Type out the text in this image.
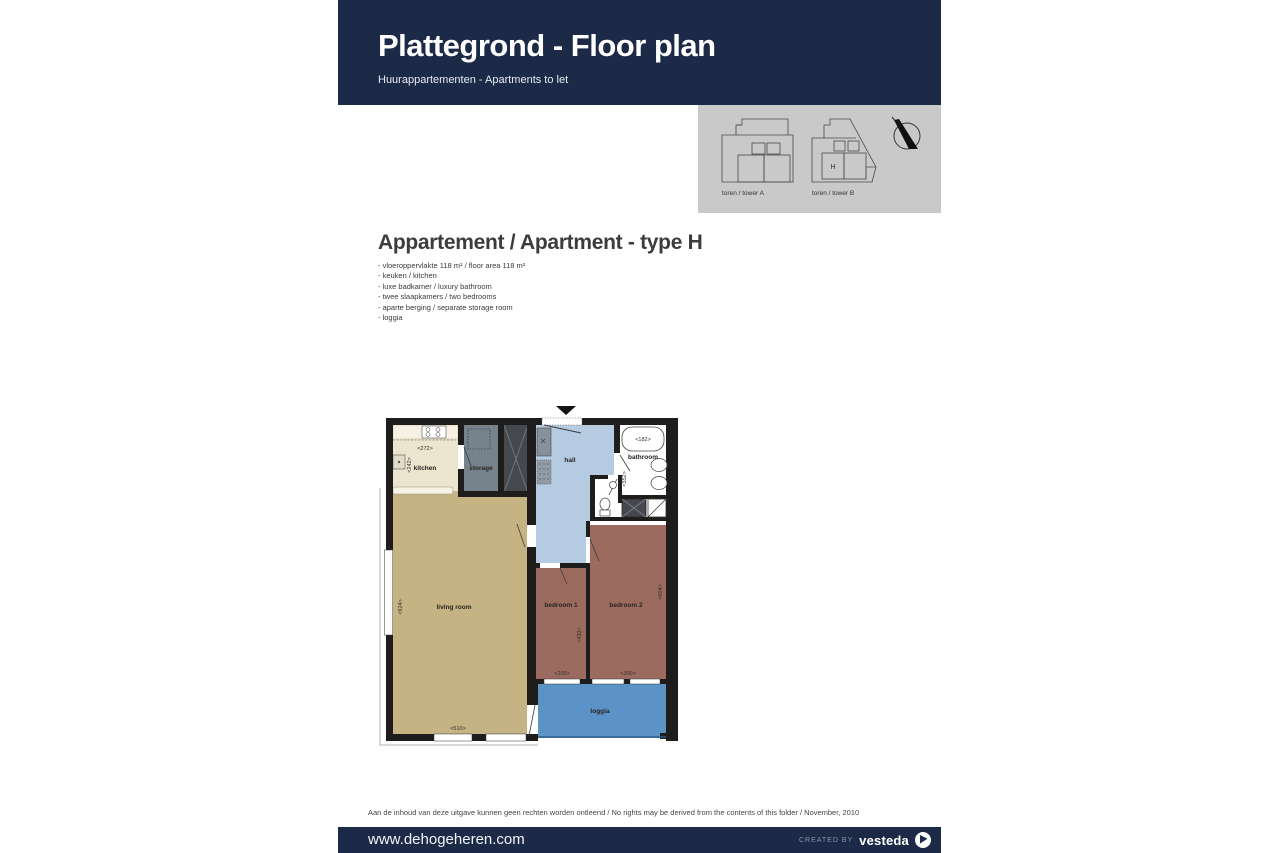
Plattegrond - Floor plan
Huurappartementen - Apartments to let
H
toren / tower A	toren / tower B
Appartement / Apartment - type H
- vloeroppervlakte 118 m² / floor area 118 m²
- keuken / kitchen
- luxe badkamer / luxury bathroom
- twee slaapkamers / two bedrooms
- aparte berging / separate storage room
- loggia
<272>
kitchen
<242>	storage
hall
<182>
bathroom
<352>
living room
<924>
<510>
bedroom 1
<433>
<203>
bedroom 2
<604>
<300>
loggia
Aan de inhoud van deze uitgave kunnen geen rechten worden ontleend / No rights may be derived from the contents of this folder / November, 2010
www.dehogeheren.com	CREATED BY vesteda
